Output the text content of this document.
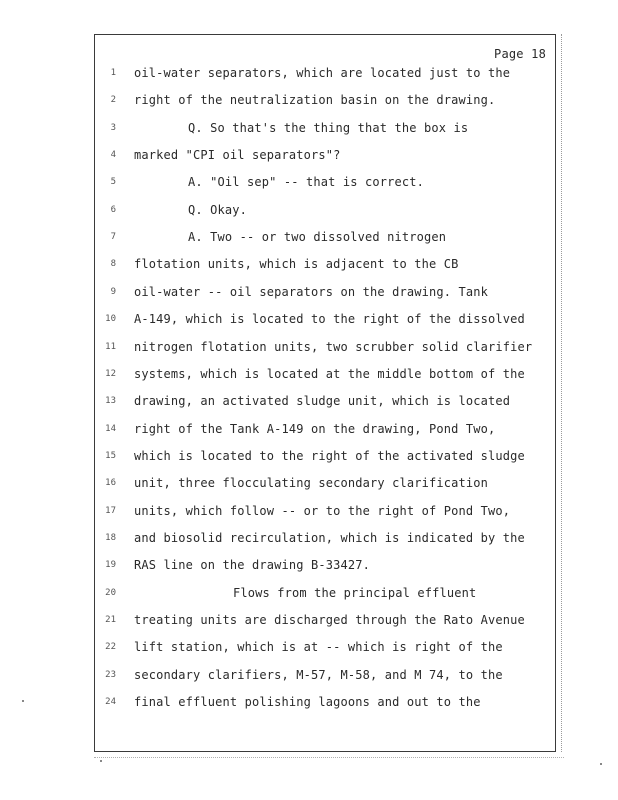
Page 18
1 oil-water separators, which are located just to the
2 right of the neutralization basin on the drawing.
3	Q. So that's the thing that the box is
4 marked "CPI oil separators"?
5	A. "Oil sep" -- that is correct.
6	Q. Okay.
7	A. Two -- or two dissolved nitrogen
8 flotation units, which is adjacent to the CB
9 oil-water -- oil separators on the drawing. Tank
10 A-149, which is located to the right of the dissolved
11 nitrogen flotation units, two scrubber solid clarifier
12 systems, which is located at the middle bottom of the
13 drawing, an activated sludge unit, which is located
14 right of the Tank A-149 on the drawing, Pond Two,
15 which is located to the right of the activated sludge
16 unit, three flocculating secondary clarification
17 units, which follow -- or to the right of Pond Two,
18 and biosolid recirculation, which is indicated by the
19 RAS line on the drawing B-33427.
20	Flows from the principal effluent
21 treating units are discharged through the Rato Avenue
22 lift station, which is at -- which is right of the
23 secondary clarifiers, M-57, M-58, and M 74, to the
24 final effluent polishing lagoons and out to the
